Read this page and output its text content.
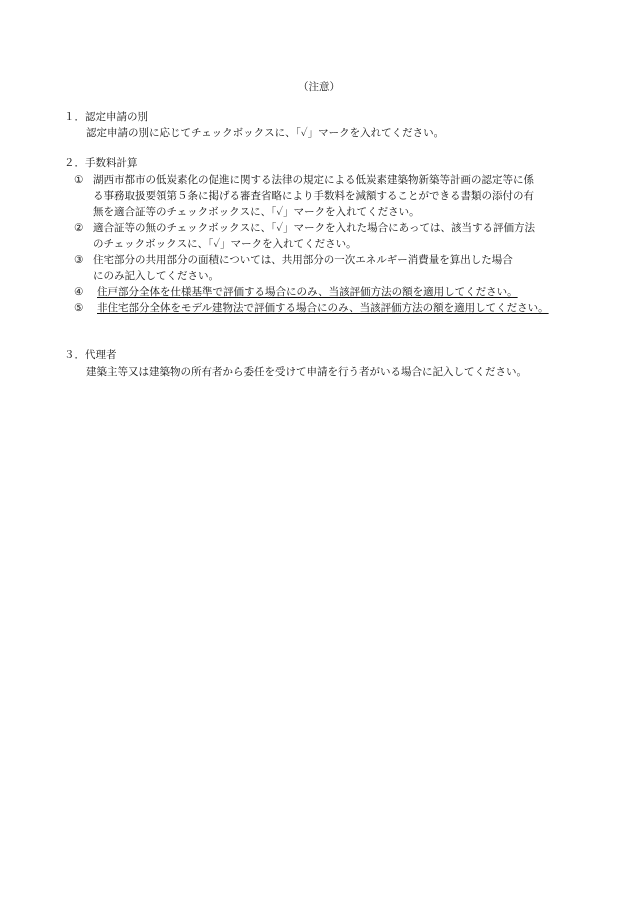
（注意）
１．認定申請の別
認定申請の別に応じてチェックボックスに、「✓」マークを入れてください。
２．手数料計算
① 湖西市都市の低炭素化の促進に関する法律の規定による低炭素建築物新築等計画の認定等に係
る事務取扱要領第５条に掲げる審査省略により手数料を減額することができる書類の添付の有
無を適合証等のチェックボックスに、「✓」マークを入れてください。
② 適合証等の無のチェックボックスに、「✓」マークを入れた場合にあっては、該当する評価方法
のチェックボックスに、「✓」マークを入れてください。
③ 住宅部分の共用部分の面積については、共用部分の一次エネルギー消費量を算出した場合
にのみ記入してください。
④ 住戸部分全体を仕様基準で評価する場合にのみ、当該評価方法の額を適用してください。
⑤ 非住宅部分全体をモデル建物法で評価する場合にのみ、当該評価方法の額を適用してください。
３．代理者
建築主等又は建築物の所有者から委任を受けて申請を行う者がいる場合に記入してください。
